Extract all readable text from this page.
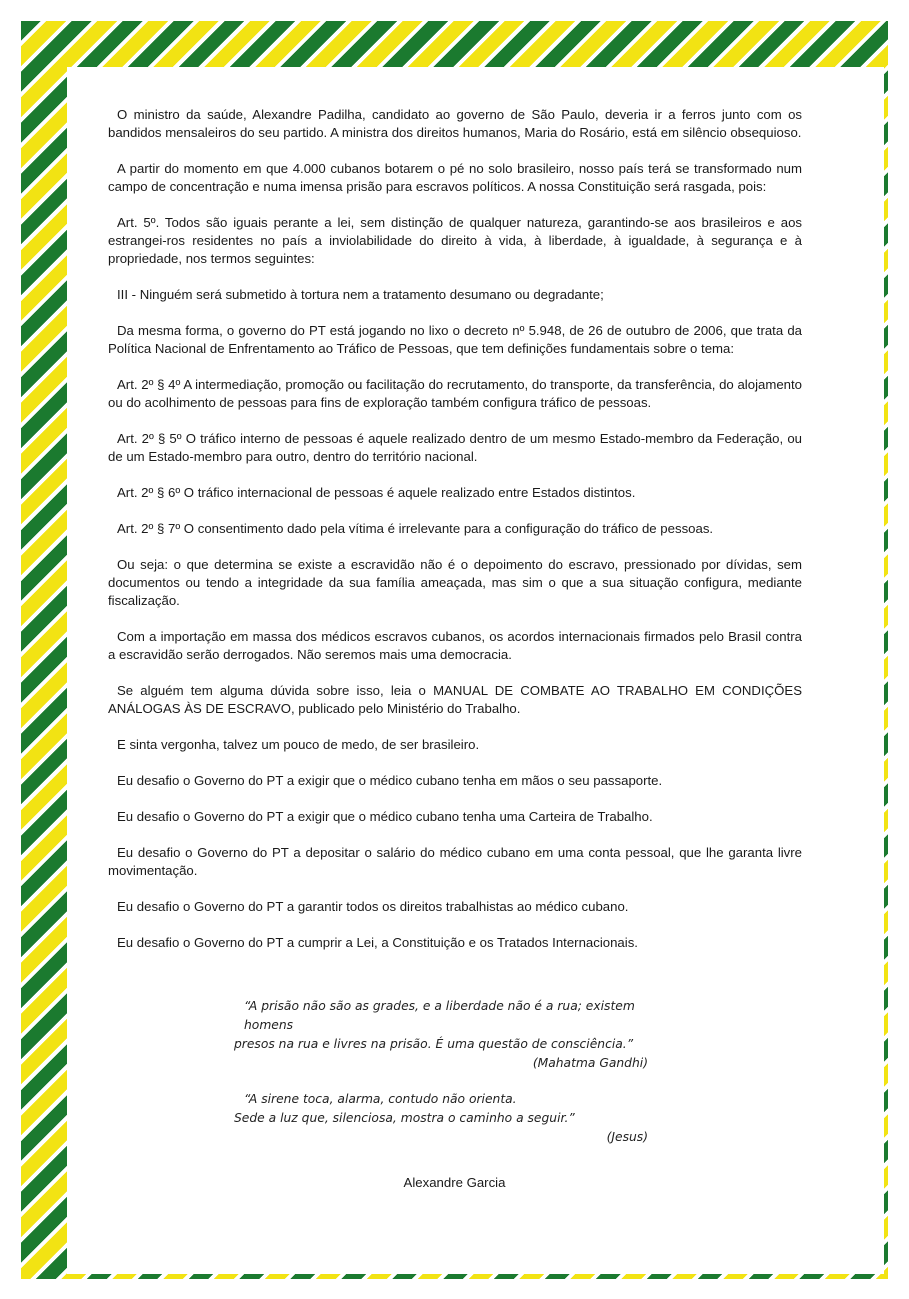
O ministro da saúde, Alexandre Padilha, candidato ao governo de São Paulo, deveria ir a ferros junto com os bandidos mensaleiros do seu partido. A ministra dos direitos humanos, Maria do Rosário, está em silêncio obsequioso.

A partir do momento em que 4.000 cubanos botarem o pé no solo brasileiro, nosso país terá se transformado num campo de concentração e numa imensa prisão para escravos políticos. A nossa Constituição será rasgada, pois:

Art. 5º. Todos são iguais perante a lei, sem distinção de qualquer natureza, garantindo-se aos brasileiros e aos estrangei-ros residentes no país a inviolabilidade do direito à vida, à liberdade, à igualdade, à segurança e à propriedade, nos termos seguintes:

III - Ninguém será submetido à tortura nem a tratamento desumano ou degradante;

Da mesma forma, o governo do PT está jogando no lixo o decreto nº 5.948, de 26 de outubro de 2006, que trata da Política Nacional de Enfrentamento ao Tráfico de Pessoas, que tem definições fundamentais sobre o tema:

Art. 2º § 4º A intermediação, promoção ou facilitação do recrutamento, do transporte, da transferência, do alojamento ou do acolhimento de pessoas para fins de exploração também configura tráfico de pessoas.

Art. 2º § 5º O tráfico interno de pessoas é aquele realizado dentro de um mesmo Estado-membro da Federação, ou de um Estado-membro para outro, dentro do território nacional.

Art. 2º § 6º O tráfico internacional de pessoas é aquele realizado entre Estados distintos.

Art. 2º § 7º O consentimento dado pela vítima é irrelevante para a configuração do tráfico de pessoas.

Ou seja: o que determina se existe a escravidão não é o depoimento do escravo, pressionado por dívidas, sem documentos ou tendo a integridade da sua família ameaçada, mas sim o que a sua situação configura, mediante fiscalização.

Com a importação em massa dos médicos escravos cubanos, os acordos internacionais firmados pelo Brasil contra a escravidão serão derrogados. Não seremos mais uma democracia.

Se alguém tem alguma dúvida sobre isso, leia o MANUAL DE COMBATE AO TRABALHO EM CONDIÇÕES ANÁLOGAS ÀS DE ESCRAVO, publicado pelo Ministério do Trabalho.

E sinta vergonha, talvez um pouco de medo, de ser brasileiro.

Eu desafio o Governo do PT a exigir que o médico cubano tenha em mãos o seu passaporte.

Eu desafio o Governo do PT a exigir que o médico cubano tenha uma Carteira de Trabalho.

Eu desafio o Governo do PT a depositar o salário do médico cubano em uma conta pessoal, que lhe garanta livre movimentação.

Eu desafio o Governo do PT a garantir todos os direitos trabalhistas ao médico cubano.

Eu desafio o Governo do PT a cumprir a Lei, a Constituição e os Tratados Internacionais.

“A prisão não são as grades, e a liberdade não é a rua; existem homens
presos na rua e livres na prisão. É uma questão de consciência.”
(Mahatma Gandhi)
“A sirene toca, alarma, contudo não orienta.
Sede a luz que, silenciosa, mostra o caminho a seguir.”
(Jesus)
Alexandre Garcia
